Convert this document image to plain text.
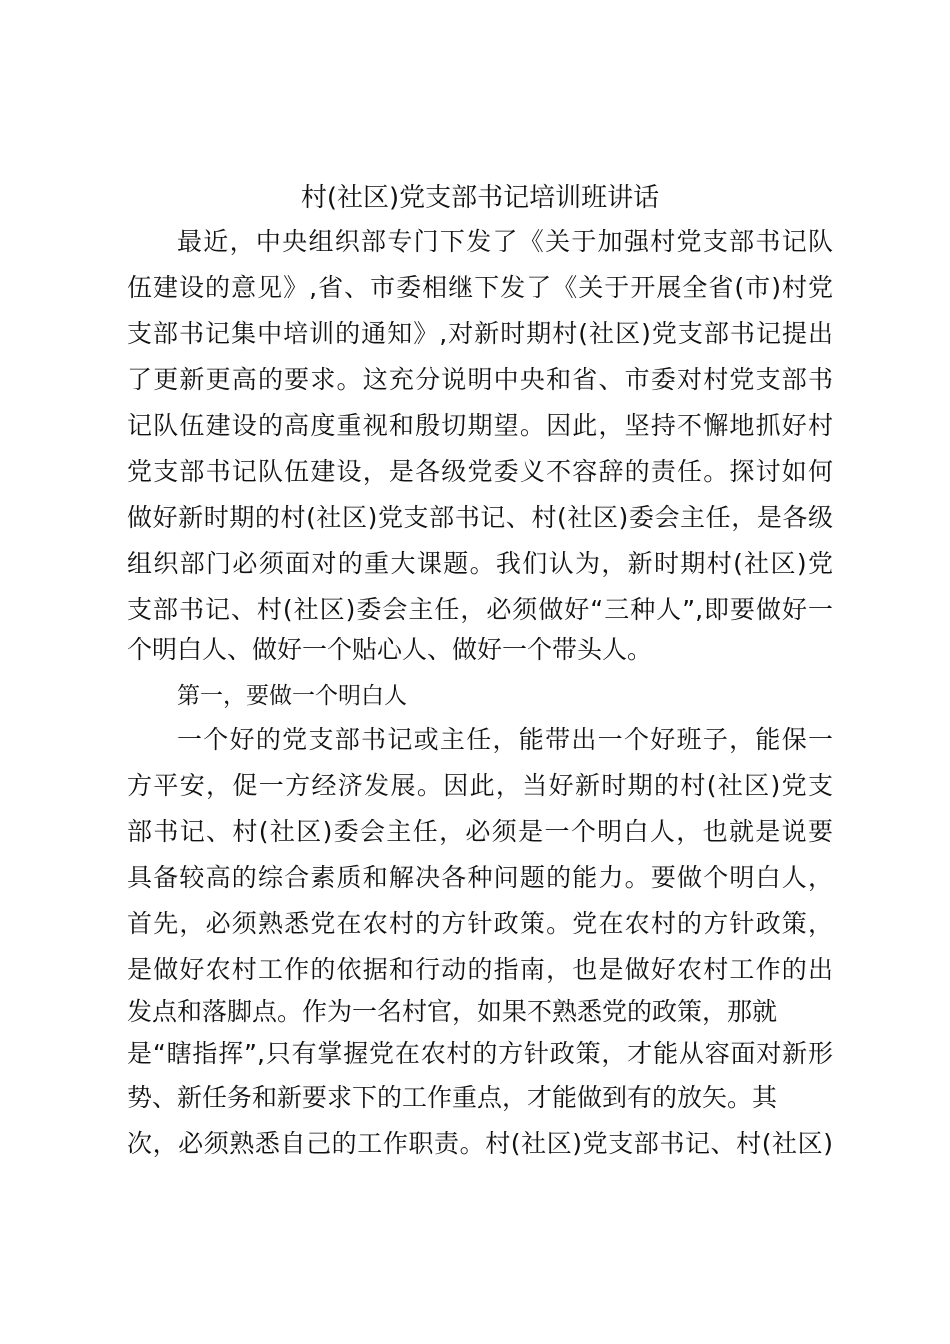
村(社区)党支部书记培训班讲话
最近，中央组织部专门下发了《关于加强村党支部书记队
伍建设的意见》,省、市委相继下发了《关于开展全省(市)村党
支部书记集中培训的通知》,对新时期村(社区)党支部书记提出
了更新更高的要求。这充分说明中央和省、市委对村党支部书
记队伍建设的高度重视和殷切期望。因此，坚持不懈地抓好村
党支部书记队伍建设，是各级党委义不容辞的责任。探讨如何
做好新时期的村(社区)党支部书记、村(社区)委会主任，是各级
组织部门必须面对的重大课题。我们认为，新时期村(社区)党
支部书记、村(社区)委会主任，必须做好“三种人”,即要做好一
个明白人、做好一个贴心人、做好一个带头人。
第一，要做一个明白人
一个好的党支部书记或主任，能带出一个好班子，能保一
方平安，促一方经济发展。因此，当好新时期的村(社区)党支
部书记、村(社区)委会主任，必须是一个明白人，也就是说要
具备较高的综合素质和解决各种问题的能力。要做个明白人，
首先，必须熟悉党在农村的方针政策。党在农村的方针政策，
是做好农村工作的依据和行动的指南，也是做好农村工作的出
发点和落脚点。作为一名村官，如果不熟悉党的政策，那就
是“瞎指挥”,只有掌握党在农村的方针政策，才能从容面对新形
势、新任务和新要求下的工作重点，才能做到有的放矢。其
次，必须熟悉自己的工作职责。村(社区)党支部书记、村(社区)
